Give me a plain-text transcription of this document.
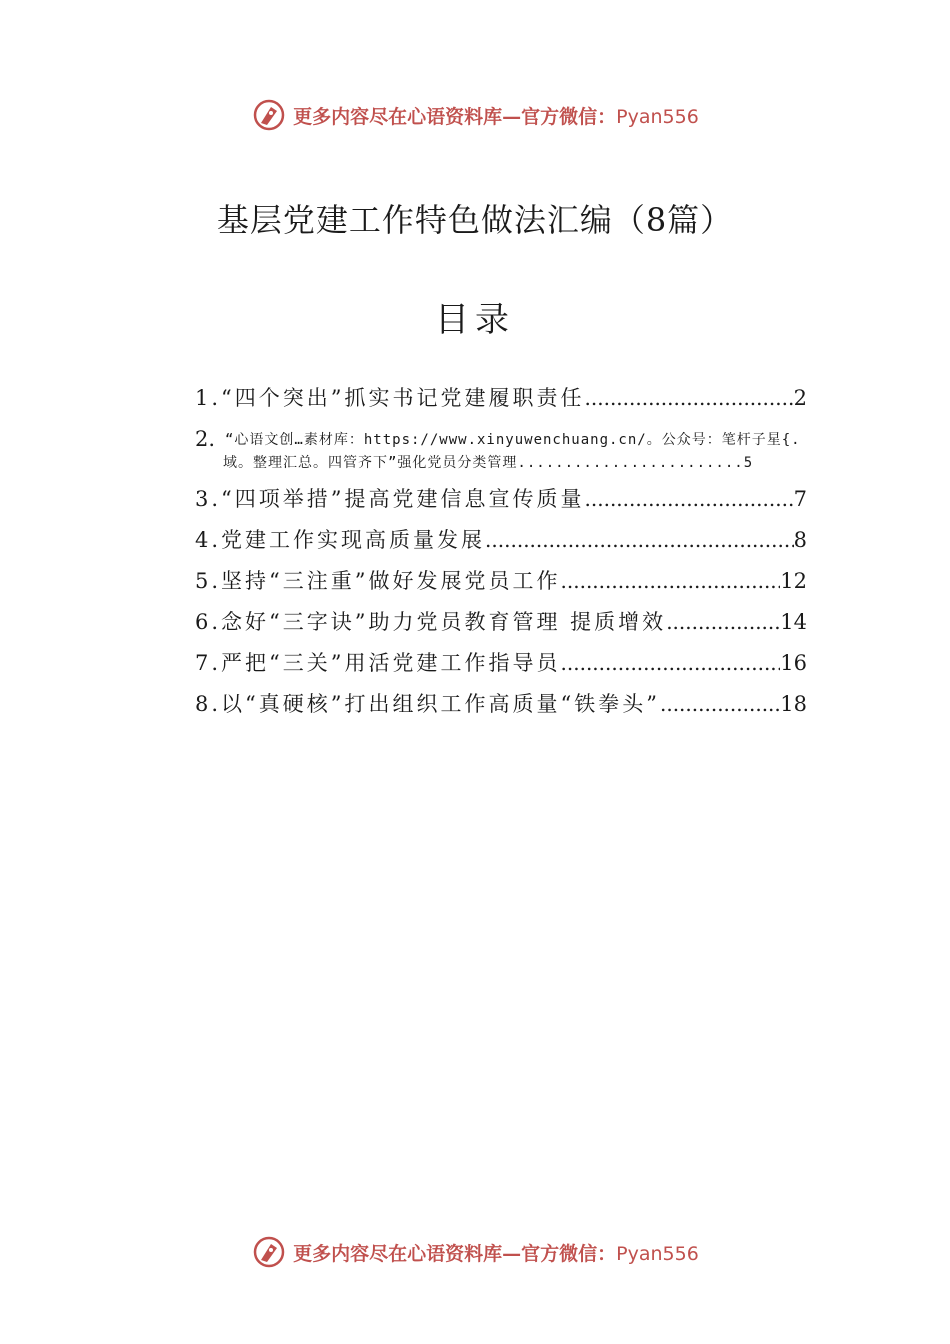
更多内容尽在心语资料库—官方微信：Pyan556
基层党建工作特色做法汇编（8篇）
目录
1.“四个突出”抓实书记党建履职责任 .....	2
2. “心语文创…素材库：https://www.xinyuwenchuang.cn/。公众号：笔杆子星{.
域。整理汇总。四管齐下”强化党员分类管理........................5
3.“四项举措”提高党建信息宣传质量 .....	7
4.党建工作实现高质量发展 .....	8
5.坚持“三注重”做好发展党员工作 .....	12
6.念好“三字诀”助力党员教育管理 提质增效 .....	14
7.严把“三关”用活党建工作指导员 .....	16
8.以“真硬核”打出组织工作高质量“铁拳头” .....	18
更多内容尽在心语资料库—官方微信：Pyan556
